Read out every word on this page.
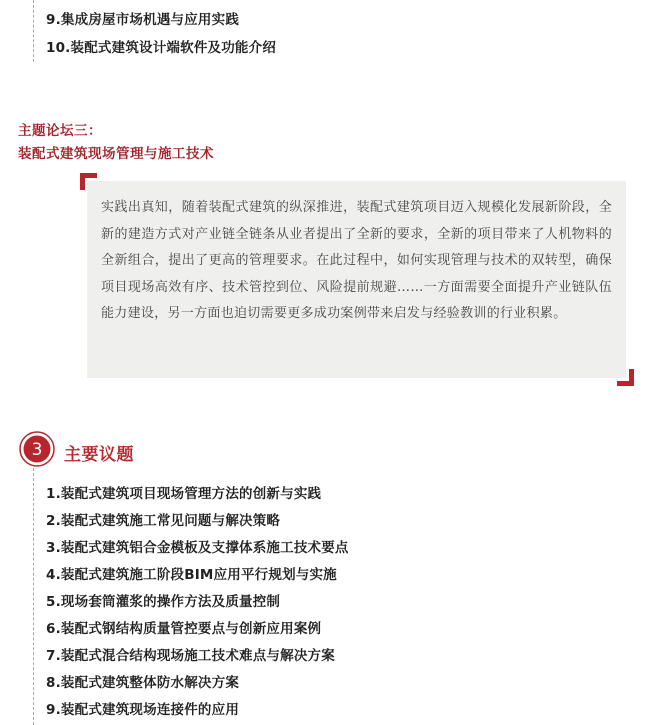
9.集成房屋市场机遇与应用实践
10.装配式建筑设计端软件及功能介绍
主题论坛三：
装配式建筑现场管理与施工技术

实践出真知，随着装配式建筑的纵深推进，装配式建筑项目迈入规模化发展新阶段，全新的建造方式对产业链全链条从业者提出了全新的要求，全新的项目带来了人机物料的全新组合，提出了更高的管理要求。在此过程中，如何实现管理与技术的双转型，确保项目现场高效有序、技术管控到位、风险提前规避……一方面需要全面提升产业链队伍能力建设，另一方面也迫切需要更多成功案例带来启发与经验教训的行业积累。

3 主要议题
1.装配式建筑项目现场管理方法的创新与实践
2.装配式建筑施工常见问题与解决策略
3.装配式建筑铝合金模板及支撑体系施工技术要点
4.装配式建筑施工阶段BIM应用平行规划与实施
5.现场套筒灌浆的操作方法及质量控制
6.装配式钢结构质量管控要点与创新应用案例
7.装配式混合结构现场施工技术难点与解决方案
8.装配式建筑整体防水解决方案
9.装配式建筑现场连接件的应用
